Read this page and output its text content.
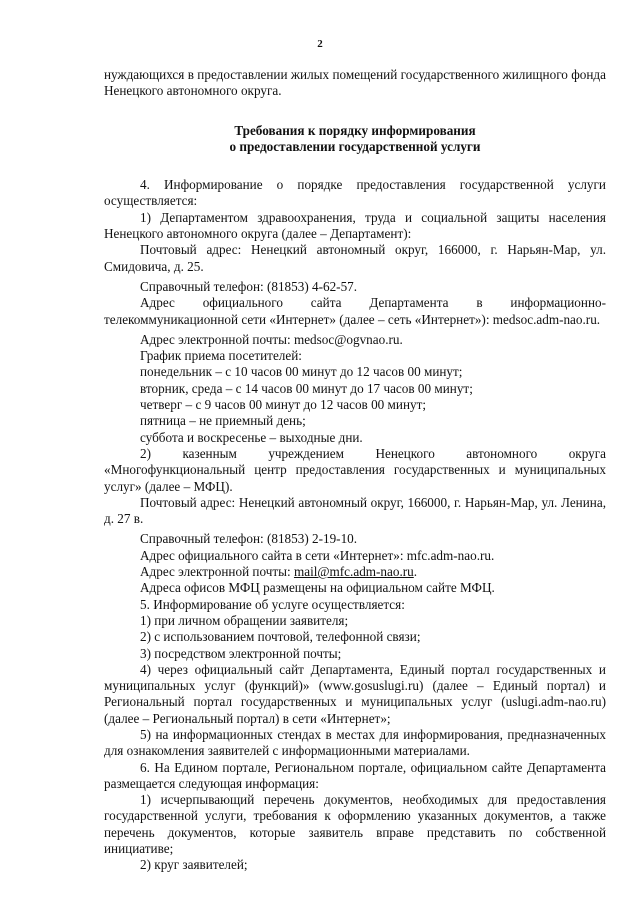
2

нуждающихся в предоставлении жилых помещений государственного жилищного фонда Ненецкого автономного округа.

Требования к порядку информирования

о предоставлении государственной услуги

4. Информирование о порядке предоставления государственной услуги осуществляется:

1) Департаментом здравоохранения, труда и социальной защиты населения Ненецкого автономного округа (далее – Департамент):

Почтовый адрес: Ненецкий автономный округ, 166000, г. Нарьян-Мар, ул. Смидовича, д. 25.

Справочный телефон: (81853) 4-62-57.

Адрес официального сайта Департамента в информационно-телекоммуникационной сети «Интернет» (далее – сеть «Интернет»): medsoc.adm-nao.ru.

Адрес электронной почты: medsoc@ogvnao.ru.

График приема посетителей:

понедельник – с 10 часов 00 минут до 12 часов 00 минут;

вторник, среда – с 14 часов 00 минут до 17 часов 00 минут;

четверг – с 9 часов 00 минут до 12 часов 00 минут;

пятница – не приемный день;

суббота и воскресенье – выходные дни.

2) казенным учреждением Ненецкого автономного округа «Многофункциональный центр предоставления государственных и муниципальных услуг» (далее – МФЦ).

Почтовый адрес: Ненецкий автономный округ, 166000, г. Нарьян-Мар, ул. Ленина, д. 27 в.

Справочный телефон: (81853) 2-19-10.

Адрес официального сайта в сети «Интернет»: mfc.adm-nao.ru.

Адрес электронной почты: mail@mfc.adm-nao.ru.

Адреса офисов МФЦ размещены на официальном сайте МФЦ.

5. Информирование об услуге осуществляется:

1) при личном обращении заявителя;

2) с использованием почтовой, телефонной связи;

3) посредством электронной почты;

4) через официальный сайт Департамента, Единый портал государственных и муниципальных услуг (функций)» (www.gosuslugi.ru) (далее – Единый портал) и Региональный портал государственных и муниципальных услуг (uslugi.adm-nao.ru) (далее – Региональный портал) в сети «Интернет»;

5) на информационных стендах в местах для информирования, предназначенных для ознакомления заявителей с информационными материалами.

6. На Едином портале, Региональном портале, официальном сайте Департамента размещается следующая информация:

1) исчерпывающий перечень документов, необходимых для предоставления государственной услуги, требования к оформлению указанных документов, а также перечень документов, которые заявитель вправе представить по собственной инициативе;

2) круг заявителей;
